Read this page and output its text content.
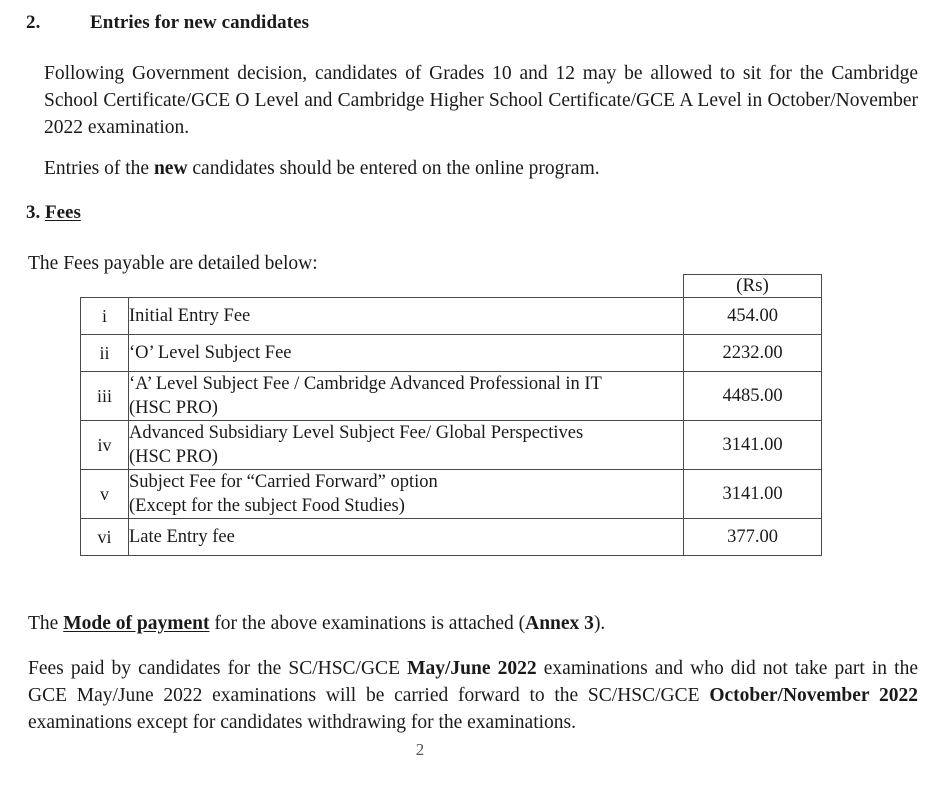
2.	Entries for new candidates
Following Government decision, candidates of Grades 10 and 12 may be allowed to sit for the Cambridge School Certificate/GCE O Level and Cambridge Higher School Certificate/GCE A Level in October/November 2022 examination.
Entries of the new candidates should be entered on the online program.
3. Fees
The Fees payable are detailed below:
		(Rs)
i	Initial Entry Fee	454.00
ii	‘O’ Level Subject Fee	2232.00
iii	‘A’ Level Subject Fee / Cambridge Advanced Professional in IT
(HSC PRO)	4485.00
iv	Advanced Subsidiary Level Subject Fee/ Global Perspectives
(HSC PRO)	3141.00
v	Subject Fee for “Carried Forward” option
(Except for the subject Food Studies)	3141.00
vi	Late Entry fee	377.00
The Mode of payment for the above examinations is attached (Annex 3).
Fees paid by candidates for the SC/HSC/GCE May/June 2022 examinations and who did not take part in the GCE May/June 2022 examinations will be carried forward to the SC/HSC/GCE October/November 2022 examinations except for candidates withdrawing for the examinations.
2
